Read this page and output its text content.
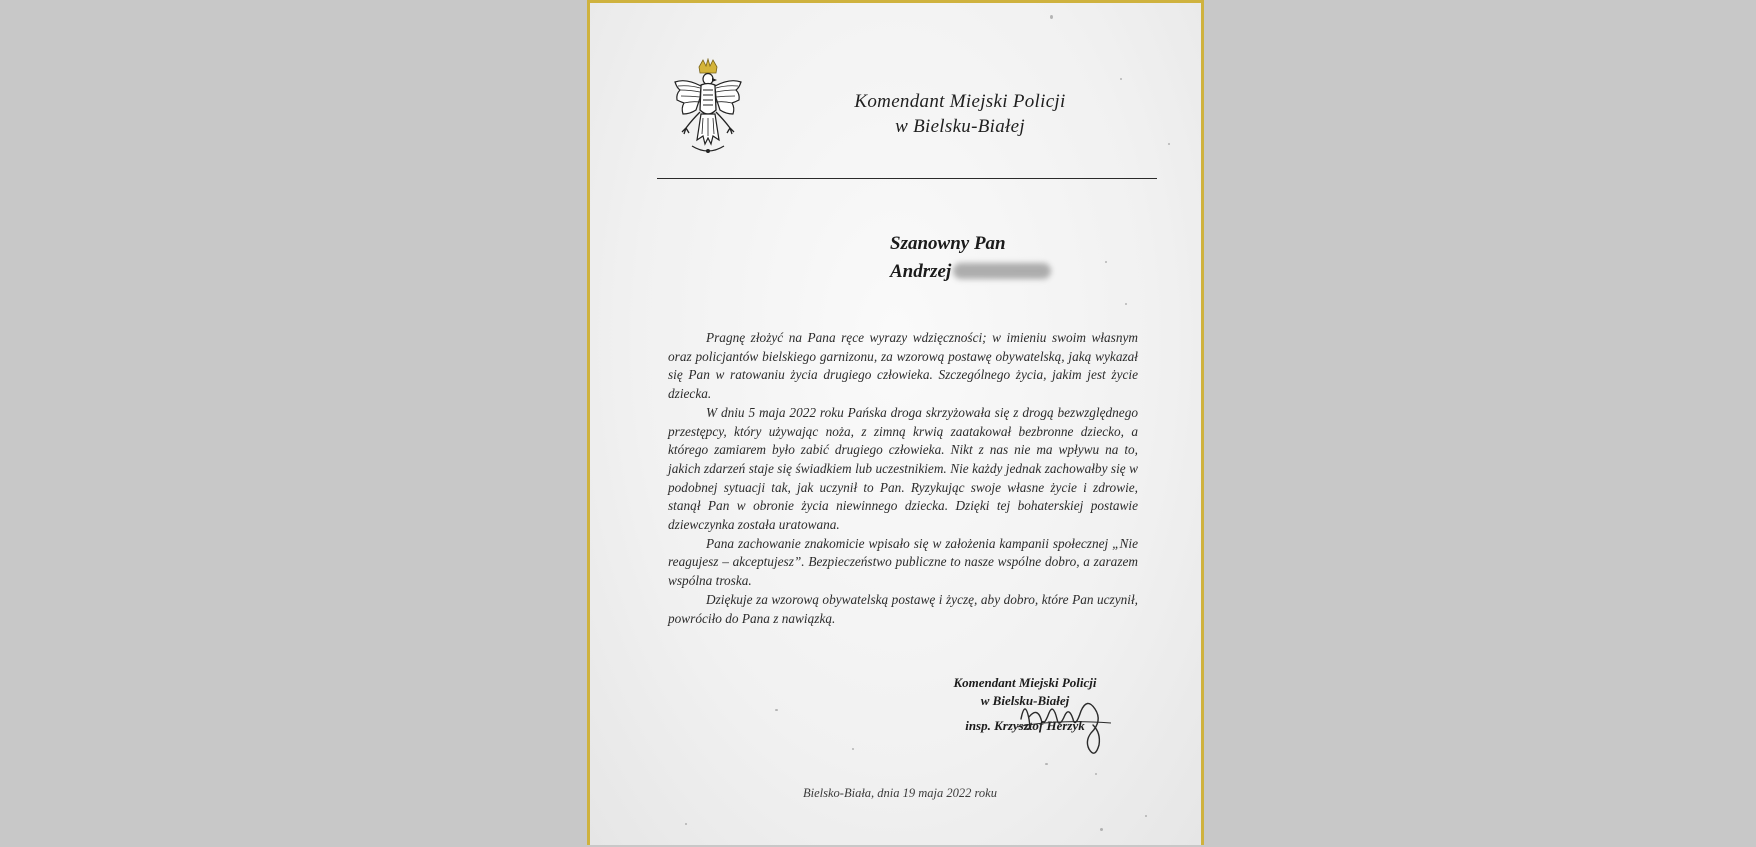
Komendant Miejski Policji
w Bielsku-Białej
Szanowny Pan
Andrzej

Pragnę złożyć na Pana ręce wyrazy wdzięczności; w imieniu swoim własnym oraz policjantów bielskiego garnizonu, za wzorową postawę obywatelską, jaką wykazał się Pan w ratowaniu życia drugiego człowieka. Szczególnego życia, jakim jest życie dziecka.

W dniu 5 maja 2022 roku Pańska droga skrzyżowała się z drogą bezwzględnego przestępcy, który używając noża, z zimną krwią zaatakował bezbronne dziecko, a którego zamiarem było zabić drugiego człowieka. Nikt z nas nie ma wpływu na to, jakich zdarzeń staje się świadkiem lub uczestnikiem. Nie każdy jednak zachowałby się w podobnej sytuacji tak, jak uczynił to Pan. Ryzykując swoje własne życie i zdrowie, stanął Pan w obronie życia niewinnego dziecka. Dzięki tej bohaterskiej postawie dziewczynka została uratowana.

Pana zachowanie znakomicie wpisało się w założenia kampanii społecznej „Nie reagujesz – akceptujesz”. Bezpieczeństwo publiczne to nasze wspólne dobro, a zarazem wspólna troska.

Dziękuje za wzorową obywatelską postawę i życzę, aby dobro, które Pan uczynił, powróciło do Pana z nawiązką.

Komendant Miejski Policji
w Bielsku-Białej
insp. Krzysztof Herzyk
Bielsko-Biała, dnia 19 maja 2022 roku
